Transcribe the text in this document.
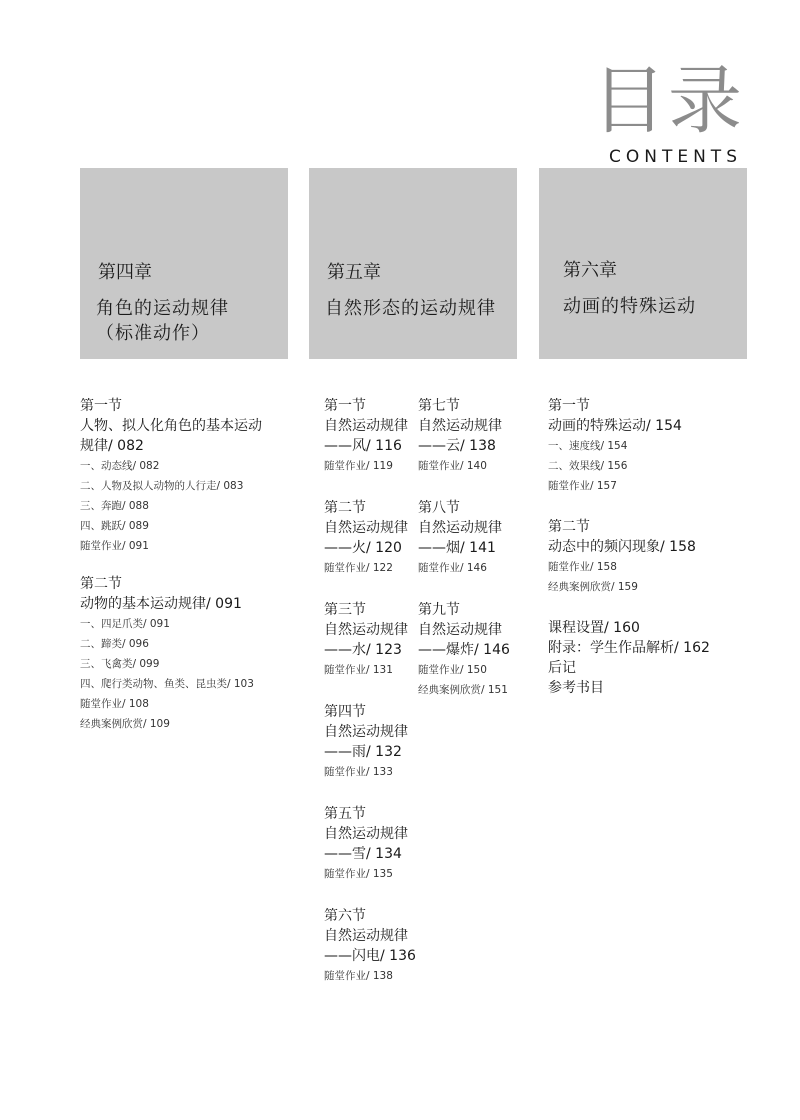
目录
CONTENTS
第四章
角色的运动规律
（标准动作）
第五章
自然形态的运动规律
第六章
动画的特殊运动
第一节
人物、拟人化角色的基本运动
规律/ 082
一、动态线/ 082
二、人物及拟人动物的人行走/ 083
三、奔跑/ 088
四、跳跃/ 089
随堂作业/ 091
第二节
动物的基本运动规律/ 091
一、四足爪类/ 091
二、蹄类/ 096
三、飞禽类/ 099
四、爬行类动物、鱼类、昆虫类/ 103
随堂作业/ 108
经典案例欣赏/ 109
第一节
自然运动规律
——风/ 116
随堂作业/ 119
第二节
自然运动规律
——火/ 120
随堂作业/ 122
第三节
自然运动规律
——水/ 123
随堂作业/ 131
第四节
自然运动规律
——雨/ 132
随堂作业/ 133
第五节
自然运动规律
——雪/ 134
随堂作业/ 135
第六节
自然运动规律
——闪电/ 136
随堂作业/ 138
第七节
自然运动规律
——云/ 138
随堂作业/ 140
第八节
自然运动规律
——烟/ 141
随堂作业/ 146
第九节
自然运动规律
——爆炸/ 146
随堂作业/ 150
经典案例欣赏/ 151
第一节
动画的特殊运动/ 154
一、速度线/ 154
二、效果线/ 156
随堂作业/ 157
第二节
动态中的频闪现象/ 158
随堂作业/ 158
经典案例欣赏/ 159
课程设置/ 160
附录：学生作品解析/ 162
后记
参考书目
